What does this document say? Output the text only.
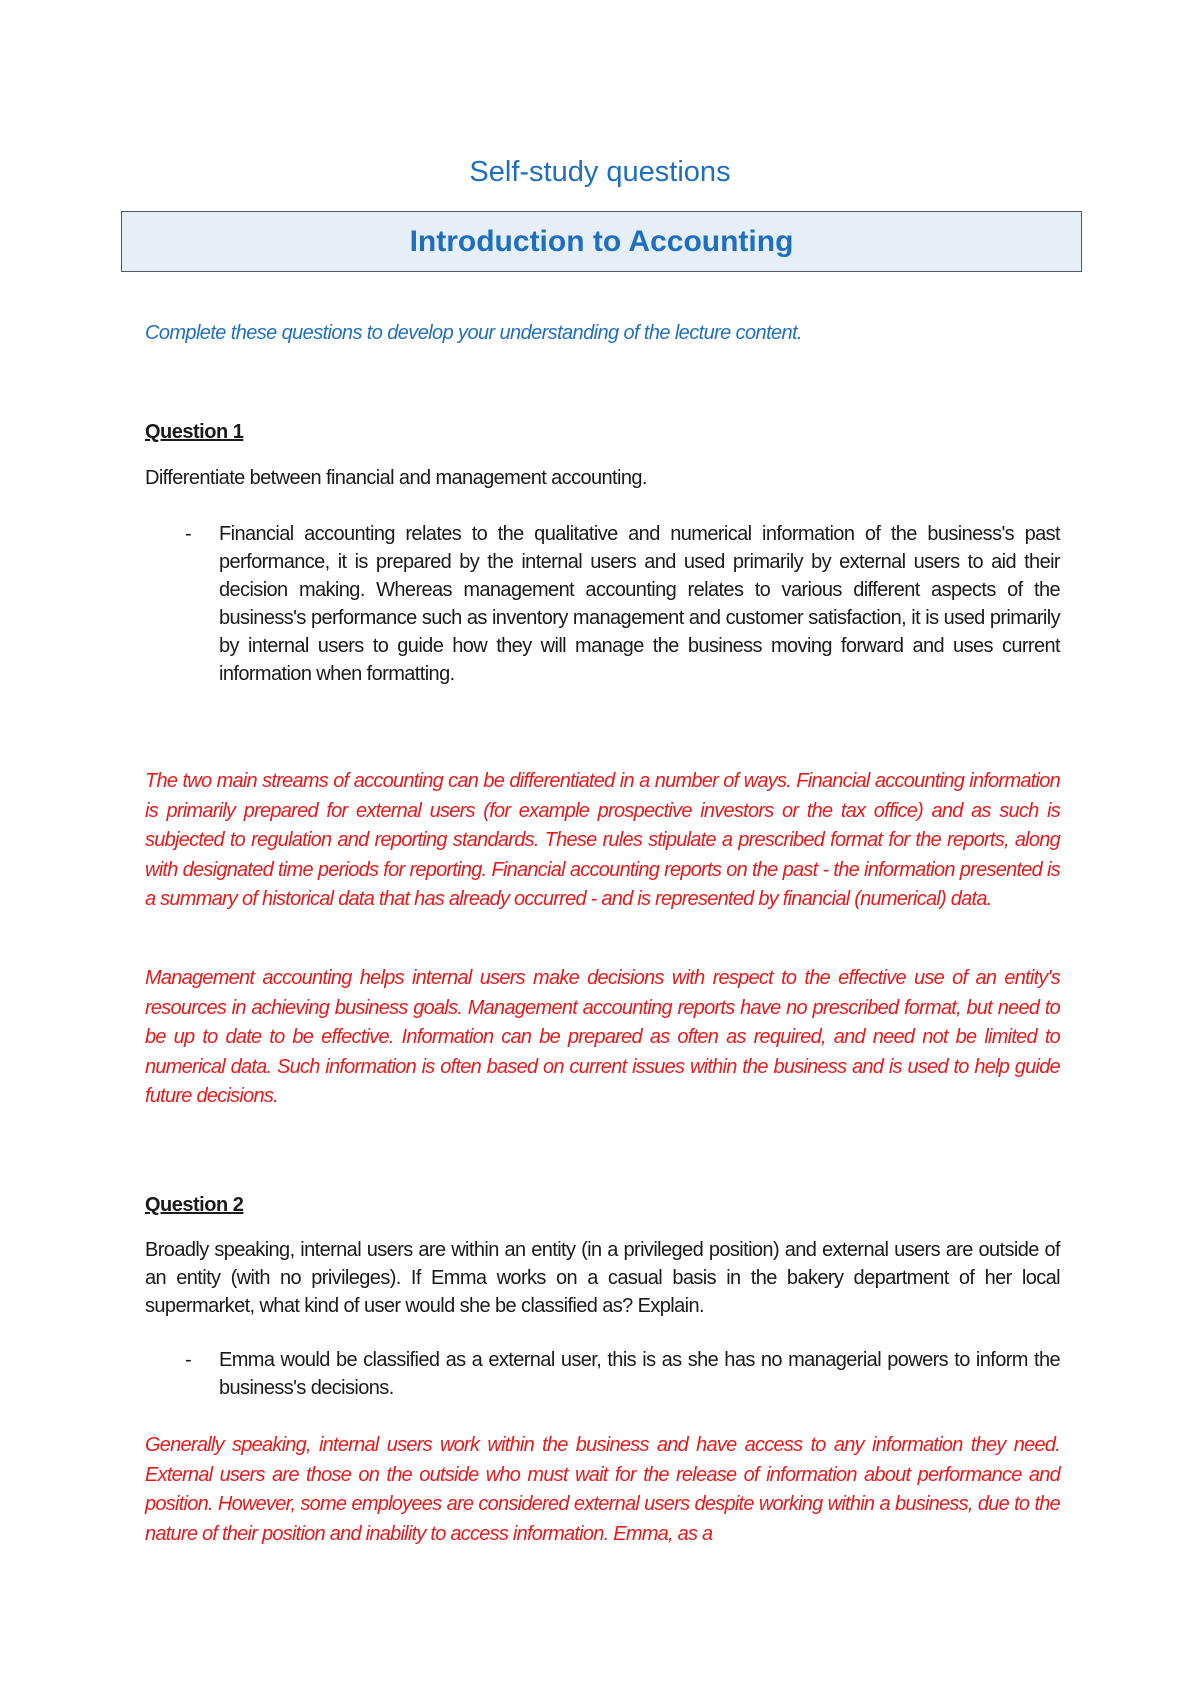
Self-study questions
Introduction to Accounting

Complete these questions to develop your understanding of the lecture content.

Question 1
Differentiate between financial and management accounting.
- Financial accounting relates to the qualitative and numerical information of the business's past performance, it is prepared by the internal users and used primarily by external users to aid their decision making. Whereas management accounting relates to various different aspects of the business's performance such as inventory management and customer satisfaction, it is used primarily by internal users to guide how they will manage the business moving forward and uses current information when formatting.

The two main streams of accounting can be differentiated in a number of ways. Financial accounting information is primarily prepared for external users (for example prospective investors or the tax office) and as such is subjected to regulation and reporting standards. These rules stipulate a prescribed format for the reports, along with designated time periods for reporting. Financial accounting reports on the past - the information presented is a summary of historical data that has already occurred - and is represented by financial (numerical) data.

Management accounting helps internal users make decisions with respect to the effective use of an entity's resources in achieving business goals. Management accounting reports have no prescribed format, but need to be up to date to be effective. Information can be prepared as often as required, and need not be limited to numerical data. Such information is often based on current issues within the business and is used to help guide future decisions.

Question 2
Broadly speaking, internal users are within an entity (in a privileged position) and external users are outside of an entity (with no privileges). If Emma works on a casual basis in the bakery department of her local supermarket, what kind of user would she be classified as? Explain.
- Emma would be classified as a external user, this is as she has no managerial powers to inform the business's decisions.

Generally speaking, internal users work within the business and have access to any information they need. External users are those on the outside who must wait for the release of information about performance and position. However, some employees are considered external users despite working within a business, due to the nature of their position and inability to access information. Emma, as a
